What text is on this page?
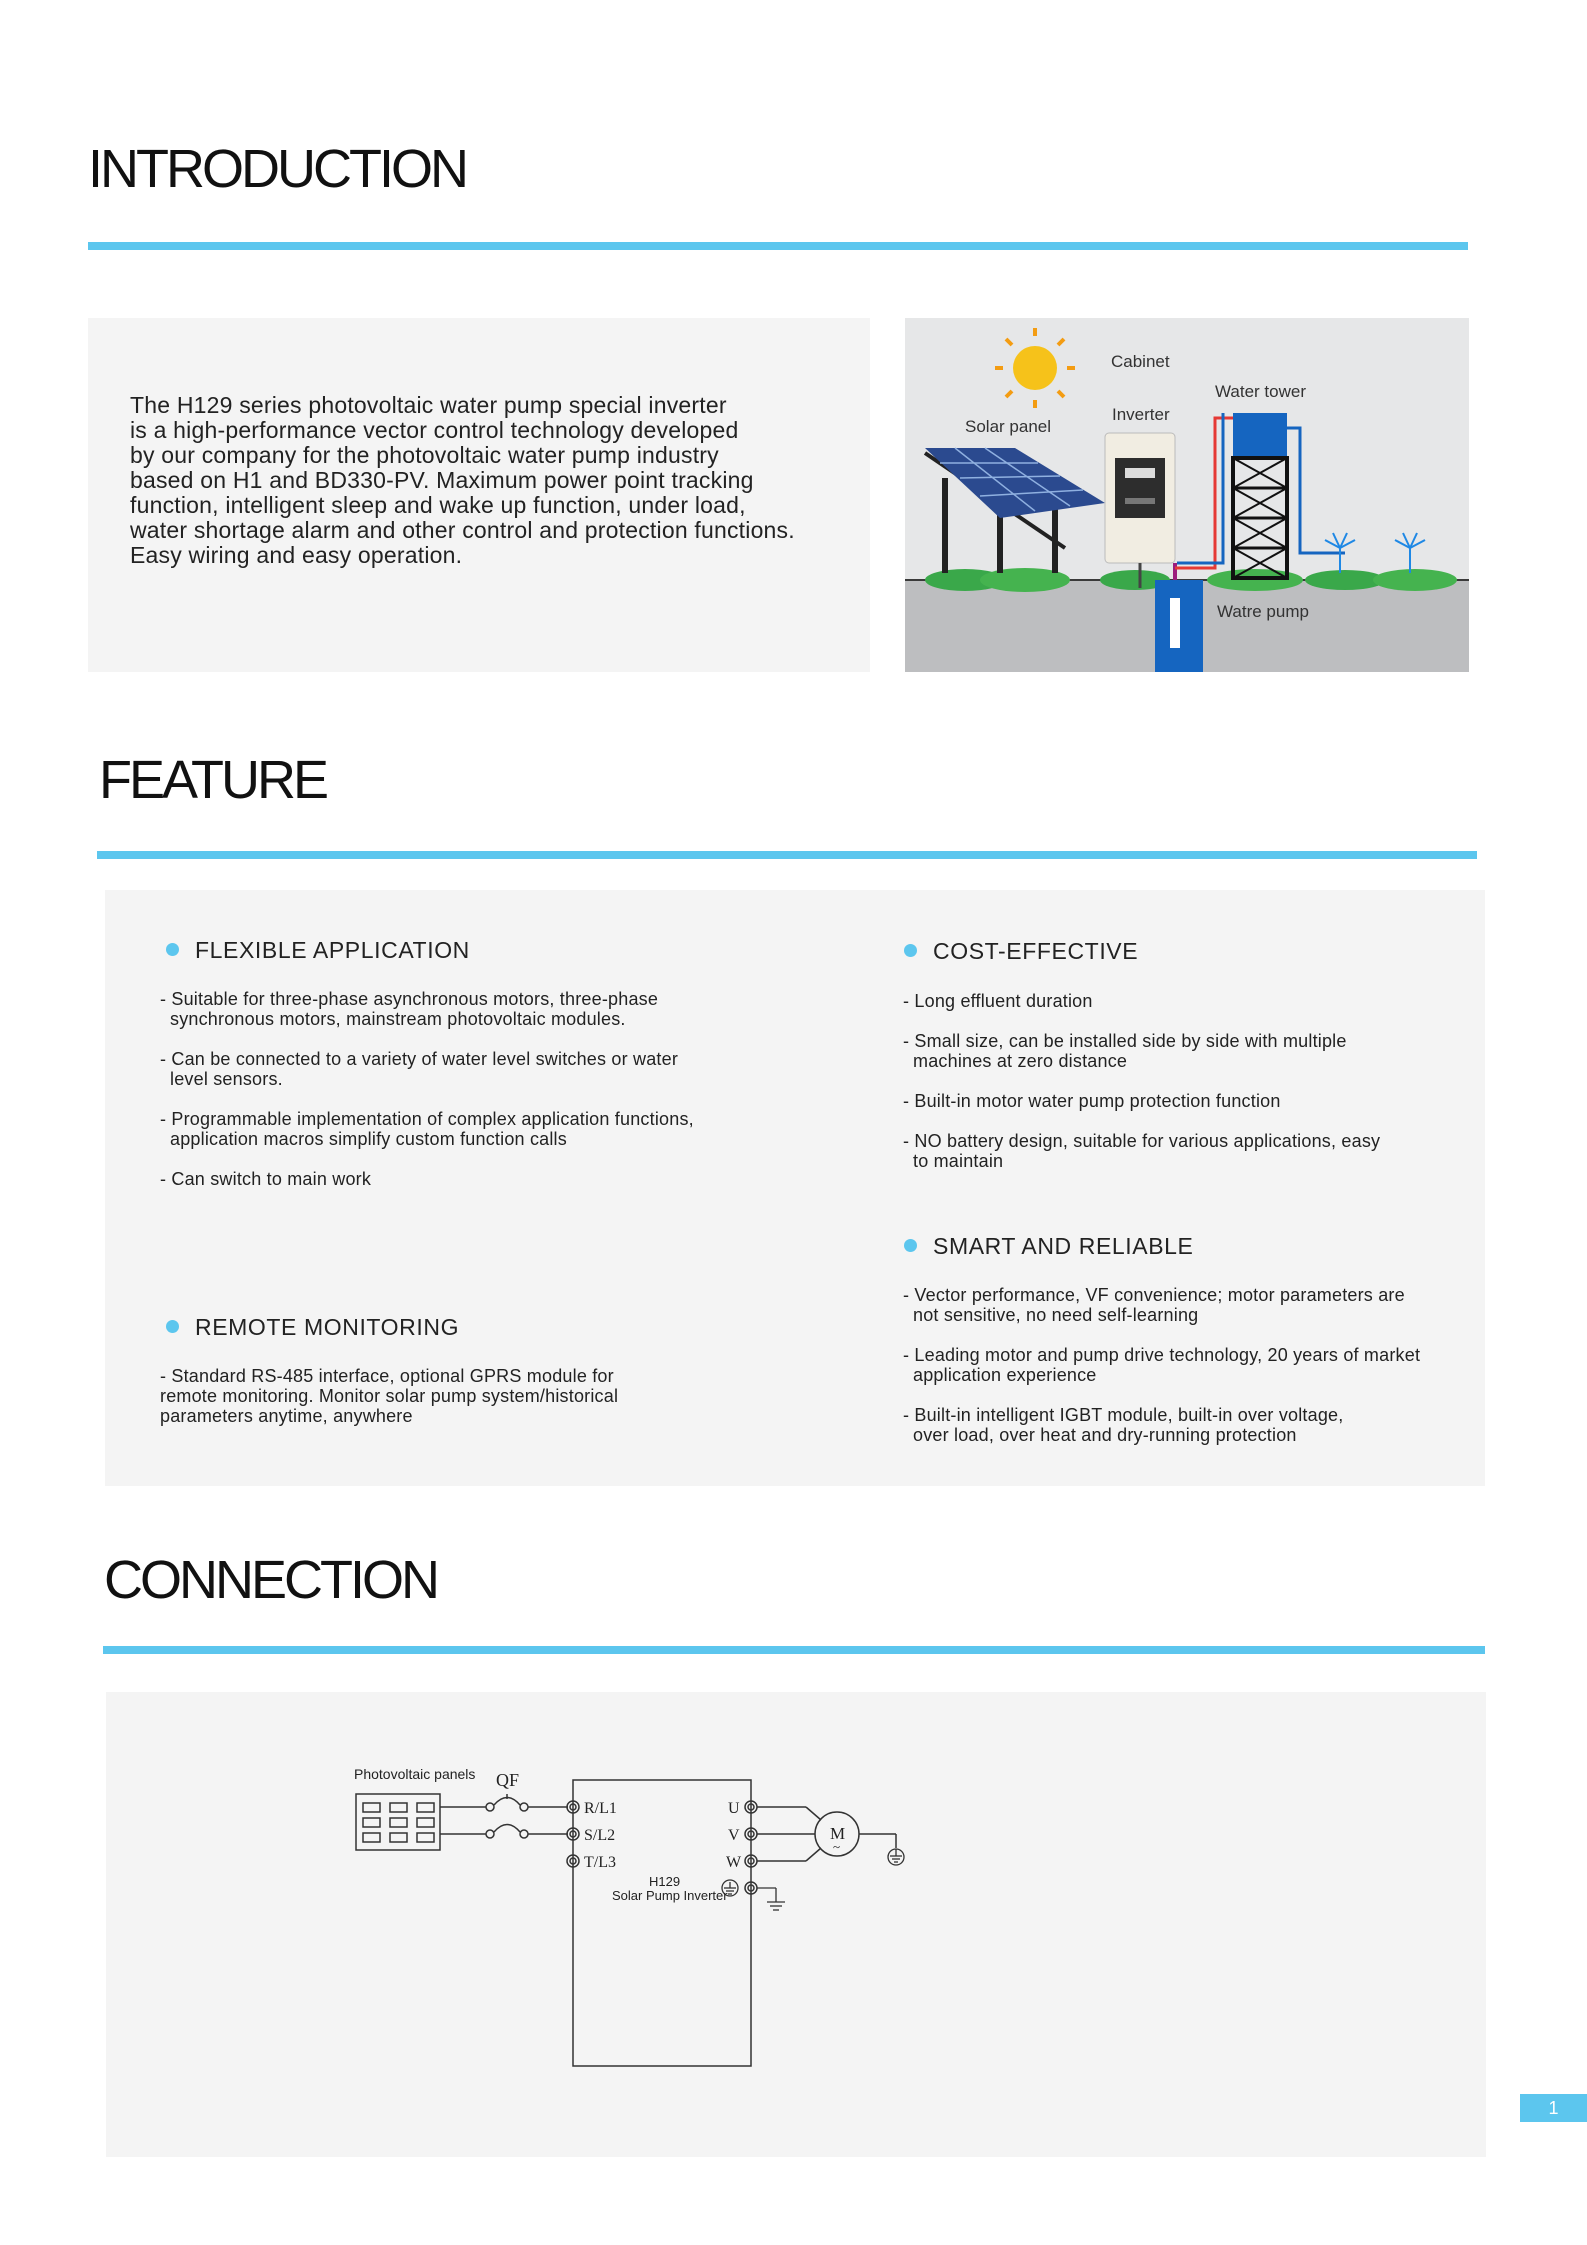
INTRODUCTION
The H129 series photovoltaic water pump special inverter
is a high-performance vector control technology developed
by our company for the photovoltaic water pump industry
based on H1 and BD330-PV. Maximum power point tracking
function, intelligent sleep and wake up function, under load,
water shortage alarm and other control and protection functions.
Easy wiring and easy operation.
Cabinet
Water tower
Inverter
Solar panel
Watre pump
FEATURE
FLEXIBLE APPLICATION
- Suitable for three-phase asynchronous motors, three-phase
synchronous motors, mainstream photovoltaic modules.
- Can be connected to a variety of water level switches or water
level sensors.
- Programmable implementation of complex application functions,
application macros simplify custom function calls
- Can switch to main work
COST-EFFECTIVE
- Long effluent duration
- Small size, can be installed side by side with multiple
machines at zero distance
- Built-in motor water pump protection function
- NO battery design, suitable for various applications, easy
to maintain
SMART AND RELIABLE
- Vector performance, VF convenience; motor parameters are
not sensitive, no need self-learning
- Leading motor and pump drive technology, 20 years of market
application experience
- Built-in intelligent IGBT module, built-in over voltage,
over load, over heat and dry-running protection
REMOTE MONITORING
- Standard RS-485 interface, optional GPRS module for
remote monitoring. Monitor solar pump system/historical
parameters anytime, anywhere
CONNECTION
Photovoltaic panels QF
R/L1
S/L2
T/L3
U
V
W
M
~
H129
Solar Pump Inverter
1
